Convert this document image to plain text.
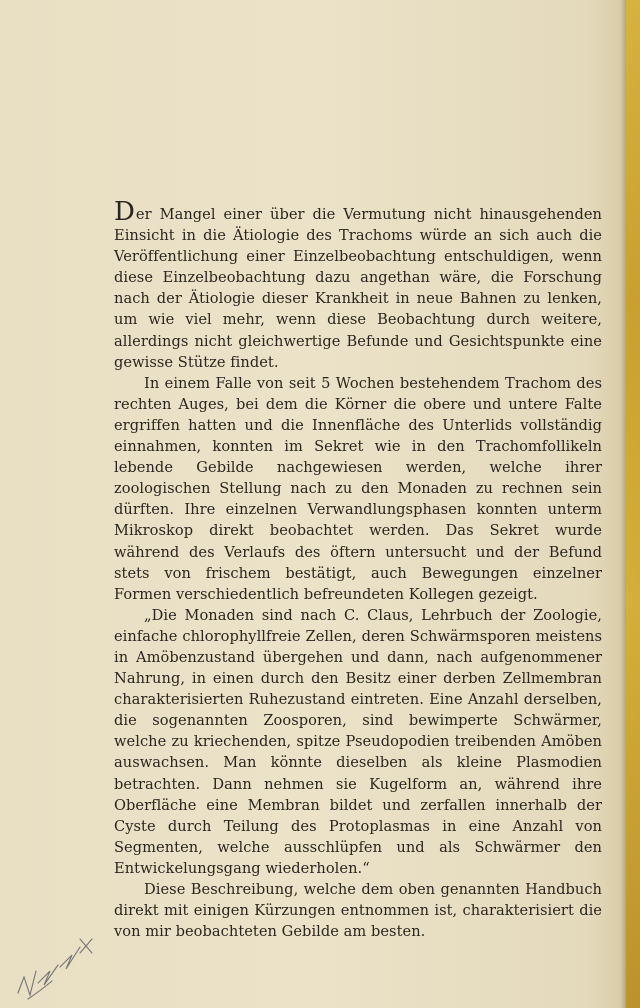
Der Mangel einer über die Vermutung nicht hinausgehenden Einsicht in die Ätiologie des Trachoms würde an sich auch die Veröffentlichung einer Einzelbeobachtung entschuldigen, wenn diese Einzelbeobachtung dazu angethan wäre, die Forschung nach der Ätiologie dieser Krankheit in neue Bahnen zu lenken, um wie viel mehr, wenn diese Beobachtung durch weitere, allerdings nicht gleichwertige Befunde und Gesichtspunkte eine gewisse Stütze findet.

In einem Falle von seit 5 Wochen bestehendem Trachom des rechten Auges, bei dem die Körner die obere und untere Falte ergriffen hatten und die Innenfläche des Unterlids vollständig einnahmen, konnten im Sekret wie in den Trachomfollikeln lebende Gebilde nachgewiesen werden, welche ihrer zoologischen Stellung nach zu den Monaden zu rechnen sein dürften. Ihre einzelnen Verwandlungsphasen konnten unterm Mikroskop direkt beobachtet werden. Das Sekret wurde während des Verlaufs des öftern untersucht und der Befund stets von frischem bestätigt, auch Bewegungen einzelner Formen verschiedentlich befreundeten Kollegen gezeigt.

„Die Monaden sind nach C. Claus, Lehrbuch der Zoologie, einfache chlorophyllfreie Zellen, deren Schwärmsporen meistens in Amöbenzustand übergehen und dann, nach aufgenommener Nahrung, in einen durch den Besitz einer derben Zellmembran charakterisierten Ruhezustand eintreten. Eine Anzahl derselben, die sogenannten Zoosporen, sind bewimperte Schwärmer, welche zu kriechenden, spitze Pseudopodien treibenden Amöben auswachsen. Man könnte dieselben als kleine Plasmodien betrachten. Dann nehmen sie Kugelform an, während ihre Oberfläche eine Membran bildet und zerfallen innerhalb der Cyste durch Teilung des Protoplasmas in eine Anzahl von Segmenten, welche ausschlüpfen und als Schwärmer den Entwickelungsgang wiederholen.“

Diese Beschreibung, welche dem oben genannten Handbuch direkt mit einigen Kürzungen entnommen ist, charakterisiert die von mir beobachteten Gebilde am besten.
